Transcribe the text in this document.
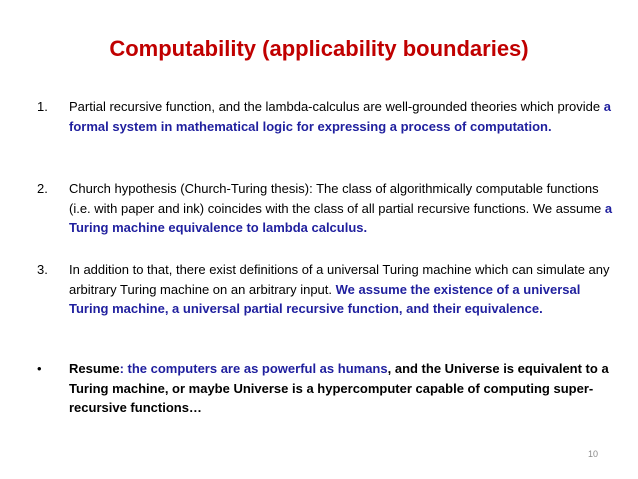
Computability (applicability boundaries)
1. Partial recursive function, and the lambda-calculus are well-grounded theories which provide a formal system in mathematical logic for expressing a process of computation.
2. Church hypothesis (Church-Turing thesis): The class of algorithmically computable functions (i.e. with paper and ink) coincides with the class of all partial recursive functions. We assume a Turing machine equivalence to lambda calculus.
3. In addition to that, there exist definitions of a universal Turing machine which can simulate any arbitrary Turing machine on an arbitrary input. We assume the existence of a universal Turing machine, a universal partial recursive function, and their equivalence.
• Resume: the computers are as powerful as humans, and the Universe is equivalent to a Turing machine, or maybe Universe is a hypercomputer capable of computing super-recursive functions…
10
